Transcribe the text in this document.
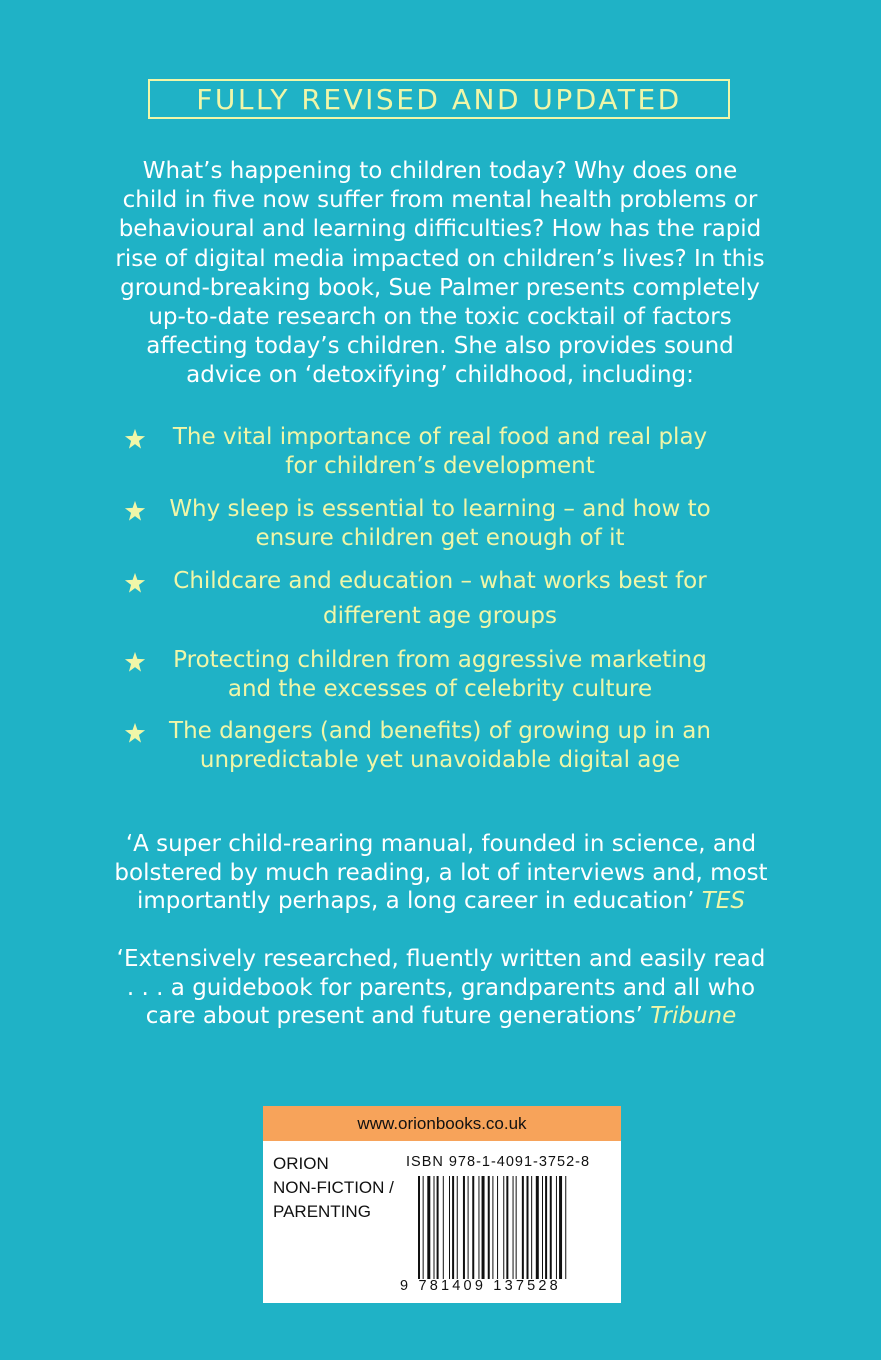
FULLY REVISED AND UPDATED

What’s happening to children today? Why does one
child in five now suffer from mental health problems or
behavioural and learning difficulties? How has the rapid
rise of digital media impacted on children’s lives? In this
ground-breaking book, Sue Palmer presents completely
up-to-date research on the toxic cocktail of factors
affecting today’s children. She also provides sound
advice on ‘detoxifying’ childhood, including:

The vital importance of real food and real play
for children’s development
Why sleep is essential to learning – and how to
ensure children get enough of it
Childcare and education – what works best for
different age groups
Protecting children from aggressive marketing
and the excesses of celebrity culture
The dangers (and benefits) of growing up in an
unpredictable yet unavoidable digital age

‘A super child-rearing manual, founded in science, and
bolstered by much reading, a lot of interviews and, most
importantly perhaps, a long career in education’ TES

‘Extensively researched, fluently written and easily read
. . . a guidebook for parents, grandparents and all who
care about present and future generations’ Tribune

www.orionbooks.co.uk
ORION
NON-FICTION /
PARENTING
ISBN 978-1-4091-3752-8
9 781409 137528
